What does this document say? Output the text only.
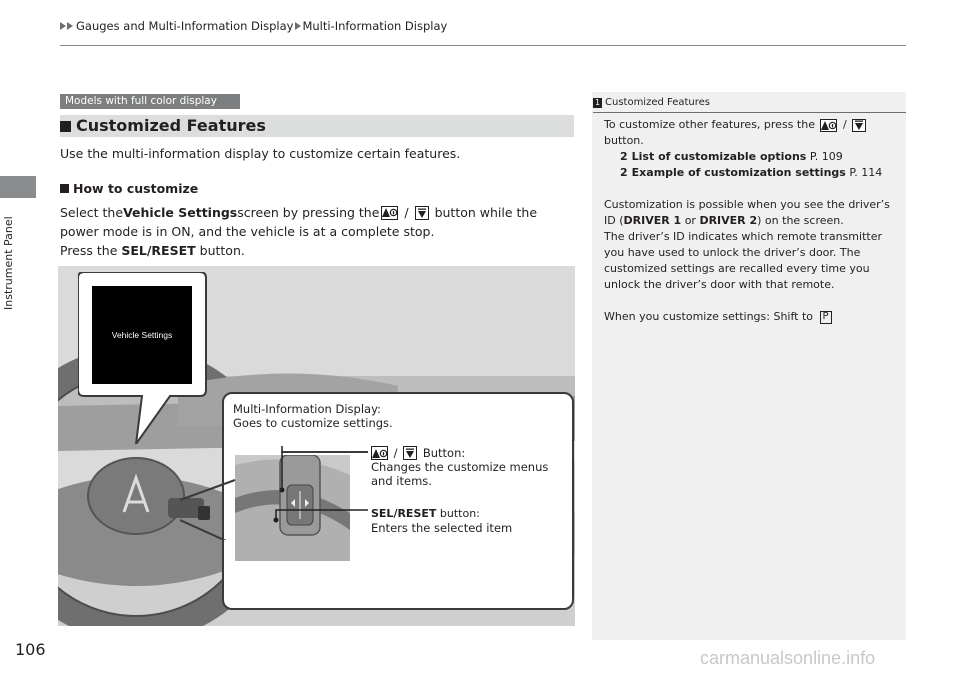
Gauges and Multi-Information Display Multi-Information Display
Instrument Panel
106
Models with full color display
Customized Features
Use the multi-information display to customize certain features.
How to customize
Select the Vehicle Settings screen by pressing the / button while the
power mode is in ON, and the vehicle is at a complete stop.
Press the SEL/RESET button.
Vehicle Settings
Multi-Information Display:
Goes to customize settings.
/ Button:
Changes the customize menus
and items.
SEL/RESET button:
Enters the selected item
1 Customized Features
To customize other features, press the /
button.
2 List of customizable options P. 109
2 Example of customization settings P. 114
Customization is possible when you see the driver’s
ID ( DRIVER 1 or DRIVER 2 ) on the screen.
The driver’s ID indicates which remote transmitter
you have used to unlock the driver’s door. The
customized settings are recalled every time you
unlock the driver’s door with that remote.
When you customize settings: Shift to P
carmanualsonline.info
